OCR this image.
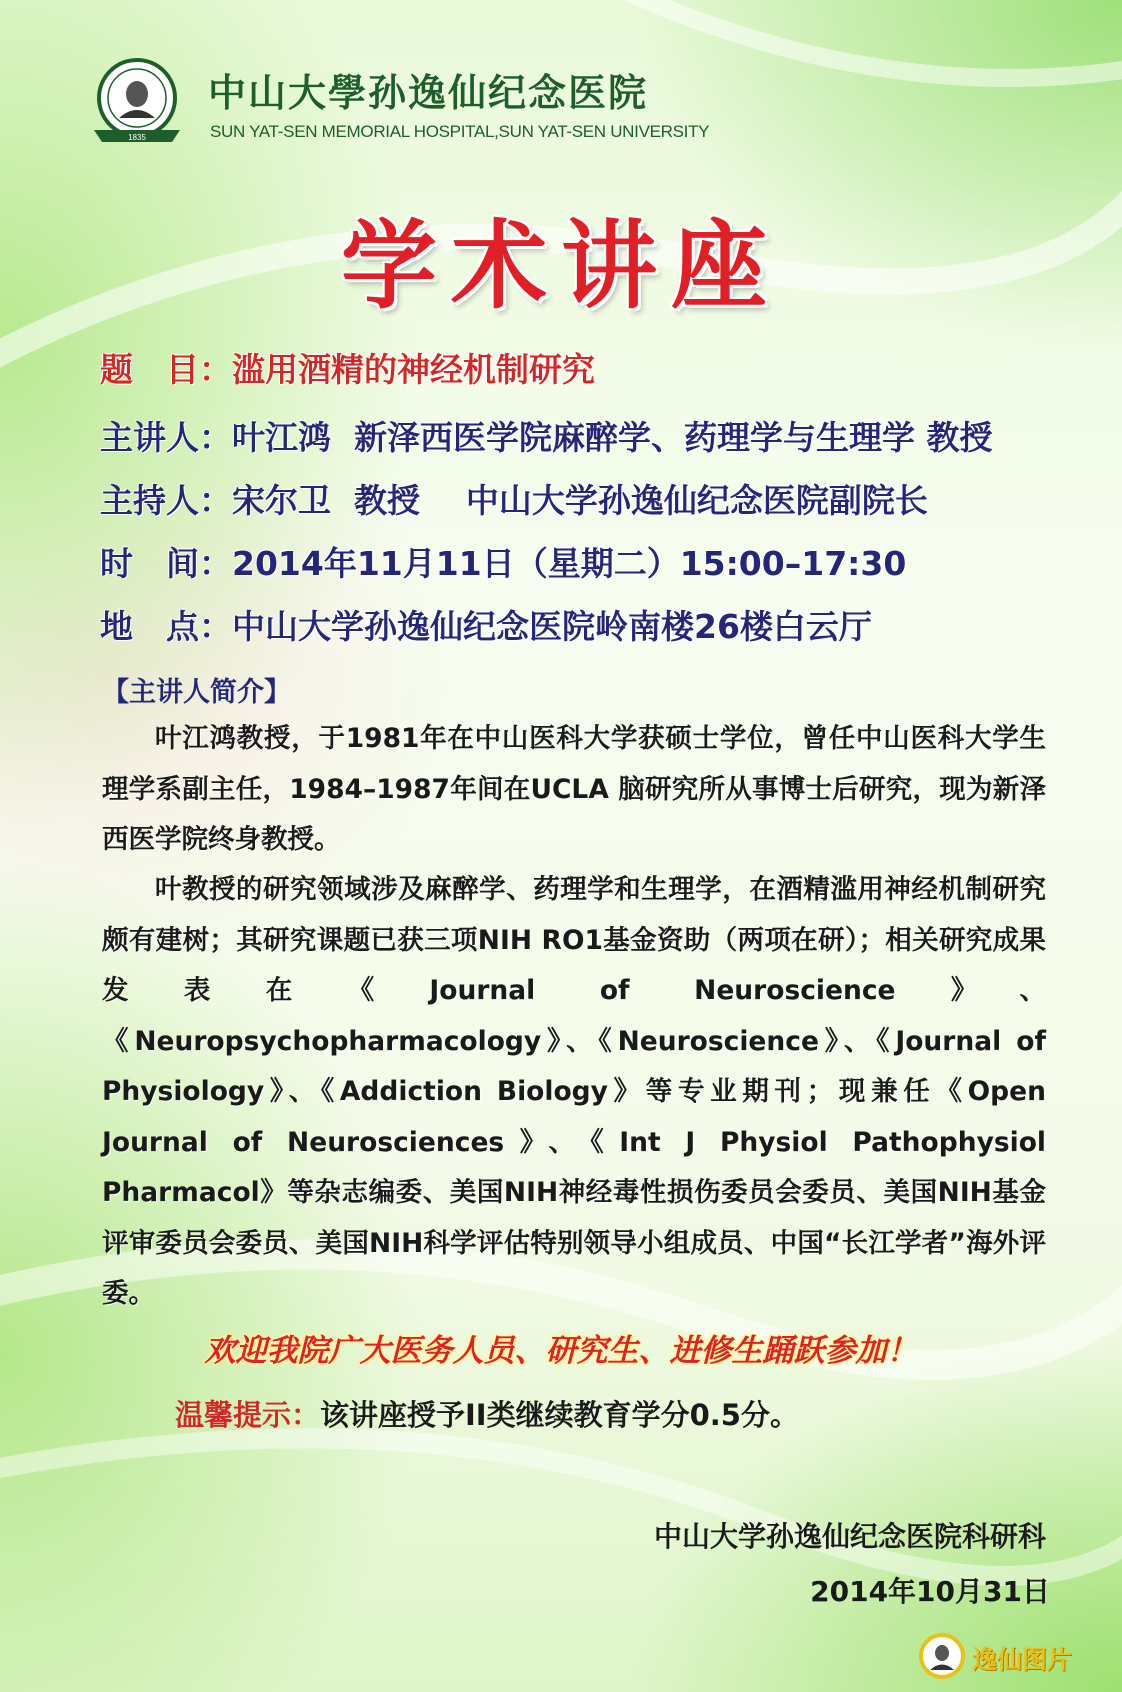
1835
中山大學孙逸仙纪念医院
SUN YAT-SEN MEMORIAL HOSPITAL,SUN YAT-SEN UNIVERSITY
学术讲座
题　目：滥用酒精的神经机制研究
主讲人：叶江鸿  新泽西医学院麻醉学、药理学与生理学 教授
主持人：宋尔卫  教授    中山大学孙逸仙纪念医院副院长
时　间：2014年11月11日（星期二）15:00–17:30
地　点：中山大学孙逸仙纪念医院岭南楼26楼白云厅
【主讲人简介】
叶江鸿教授，于1981年在中山医科大学获硕士学位，曾任中山医科大学生理学系副主任，1984–1987年间在UCLA 脑研究所从事博士后研究，现为新泽西医学院终身教授。
叶教授的研究领域涉及麻醉学、药理学和生理学，在酒精滥用神经机制研究颇有建树；其研究课题已获三项NIH RO1基金资助（两项在研）；相关研究成果发表在《Journal of Neuroscience》、《Neuropsychopharmacology》、《Neuroscience》、《Journal of Physiology》、《Addiction Biology》等专业期刊；现兼任《Open Journal of Neurosciences》、《Int J Physiol Pathophysiol Pharmacol》等杂志编委、美国NIH神经毒性损伤委员会委员、美国NIH基金评审委员会委员、美国NIH科学评估特别领导小组成员、中国“长江学者”海外评委。
欢迎我院广大医务人员、研究生、进修生踊跃参加！
温馨提示：该讲座授予II类继续教育学分0.5分。
中山大学孙逸仙纪念医院科研科
2014年10月31日
逸仙图片
